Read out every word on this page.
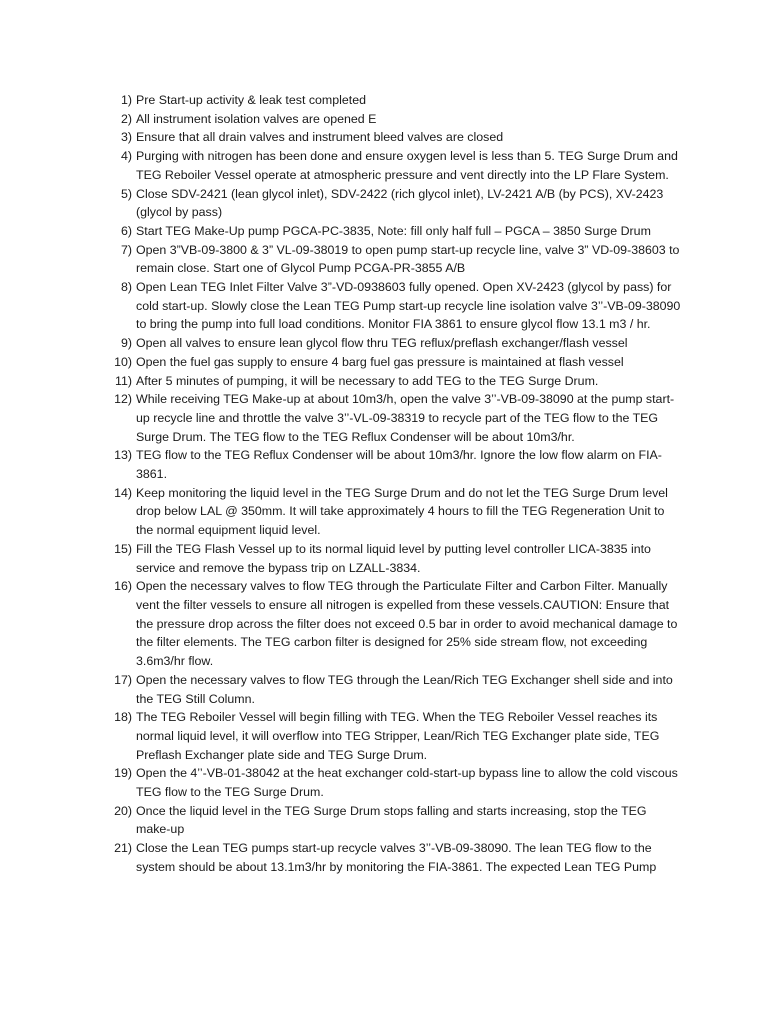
1) Pre Start-up activity & leak test completed
2) All instrument isolation valves are opened E
3) Ensure that all drain valves and instrument bleed valves are closed
4) Purging with nitrogen has been done and ensure oxygen level is less than 5. TEG Surge Drum and TEG Reboiler Vessel operate at atmospheric pressure and vent directly into the LP Flare System.
5) Close SDV-2421 (lean glycol inlet), SDV-2422 (rich glycol inlet), LV-2421 A/B (by PCS), XV-2423 (glycol by pass)
6) Start TEG Make-Up pump PGCA-PC-3835, Note: fill only half full – PGCA – 3850 Surge Drum
7) Open 3”VB-09-3800 & 3” VL-09-38019 to open pump start-up recycle line, valve 3” VD-09-38603 to remain close. Start one of Glycol Pump PCGA-PR-3855 A/B
8) Open Lean TEG Inlet Filter Valve 3”-VD-0938603 fully opened. Open XV-2423 (glycol by pass) for cold start-up. Slowly close the Lean TEG Pump start-up recycle line isolation valve 3’’-VB-09-38090 to bring the pump into full load conditions. Monitor FIA 3861 to ensure glycol flow 13.1 m3 / hr.
9) Open all valves to ensure lean glycol flow thru TEG reflux/preflash exchanger/flash vessel
10) Open the fuel gas supply to ensure 4 barg fuel gas pressure is maintained at flash vessel
11) After 5 minutes of pumping, it will be necessary to add TEG to the TEG Surge Drum.
12) While receiving TEG Make-up at about 10m3/h, open the valve 3’’-VB-09-38090 at the pump start-up recycle line and throttle the valve 3’’-VL-09-38319 to recycle part of the TEG flow to the TEG Surge Drum. The TEG flow to the TEG Reflux Condenser will be about 10m3/hr.
13) TEG flow to the TEG Reflux Condenser will be about 10m3/hr. Ignore the low flow alarm on FIA-3861.
14) Keep monitoring the liquid level in the TEG Surge Drum and do not let the TEG Surge Drum level drop below LAL @ 350mm. It will take approximately 4 hours to fill the TEG Regeneration Unit to the normal equipment liquid level.
15) Fill the TEG Flash Vessel up to its normal liquid level by putting level controller LICA-3835 into service and remove the bypass trip on LZALL-3834.
16) Open the necessary valves to flow TEG through the Particulate Filter and Carbon Filter. Manually vent the filter vessels to ensure all nitrogen is expelled from these vessels.CAUTION: Ensure that the pressure drop across the filter does not exceed 0.5 bar in order to avoid mechanical damage to the filter elements. The TEG carbon filter is designed for 25% side stream flow, not exceeding 3.6m3/hr flow.
17) Open the necessary valves to flow TEG through the Lean/Rich TEG Exchanger shell side and into the TEG Still Column.
18) The TEG Reboiler Vessel will begin filling with TEG. When the TEG Reboiler Vessel reaches its normal liquid level, it will overflow into TEG Stripper, Lean/Rich TEG Exchanger plate side, TEG Preflash Exchanger plate side and TEG Surge Drum.
19) Open the 4’’-VB-01-38042 at the heat exchanger cold-start-up bypass line to allow the cold viscous TEG flow to the TEG Surge Drum.
20) Once the liquid level in the TEG Surge Drum stops falling and starts increasing, stop the TEG make-up
21) Close the Lean TEG pumps start-up recycle valves 3’’-VB-09-38090. The lean TEG flow to the system should be about 13.1m3/hr by monitoring the FIA-3861. The expected Lean TEG Pump
